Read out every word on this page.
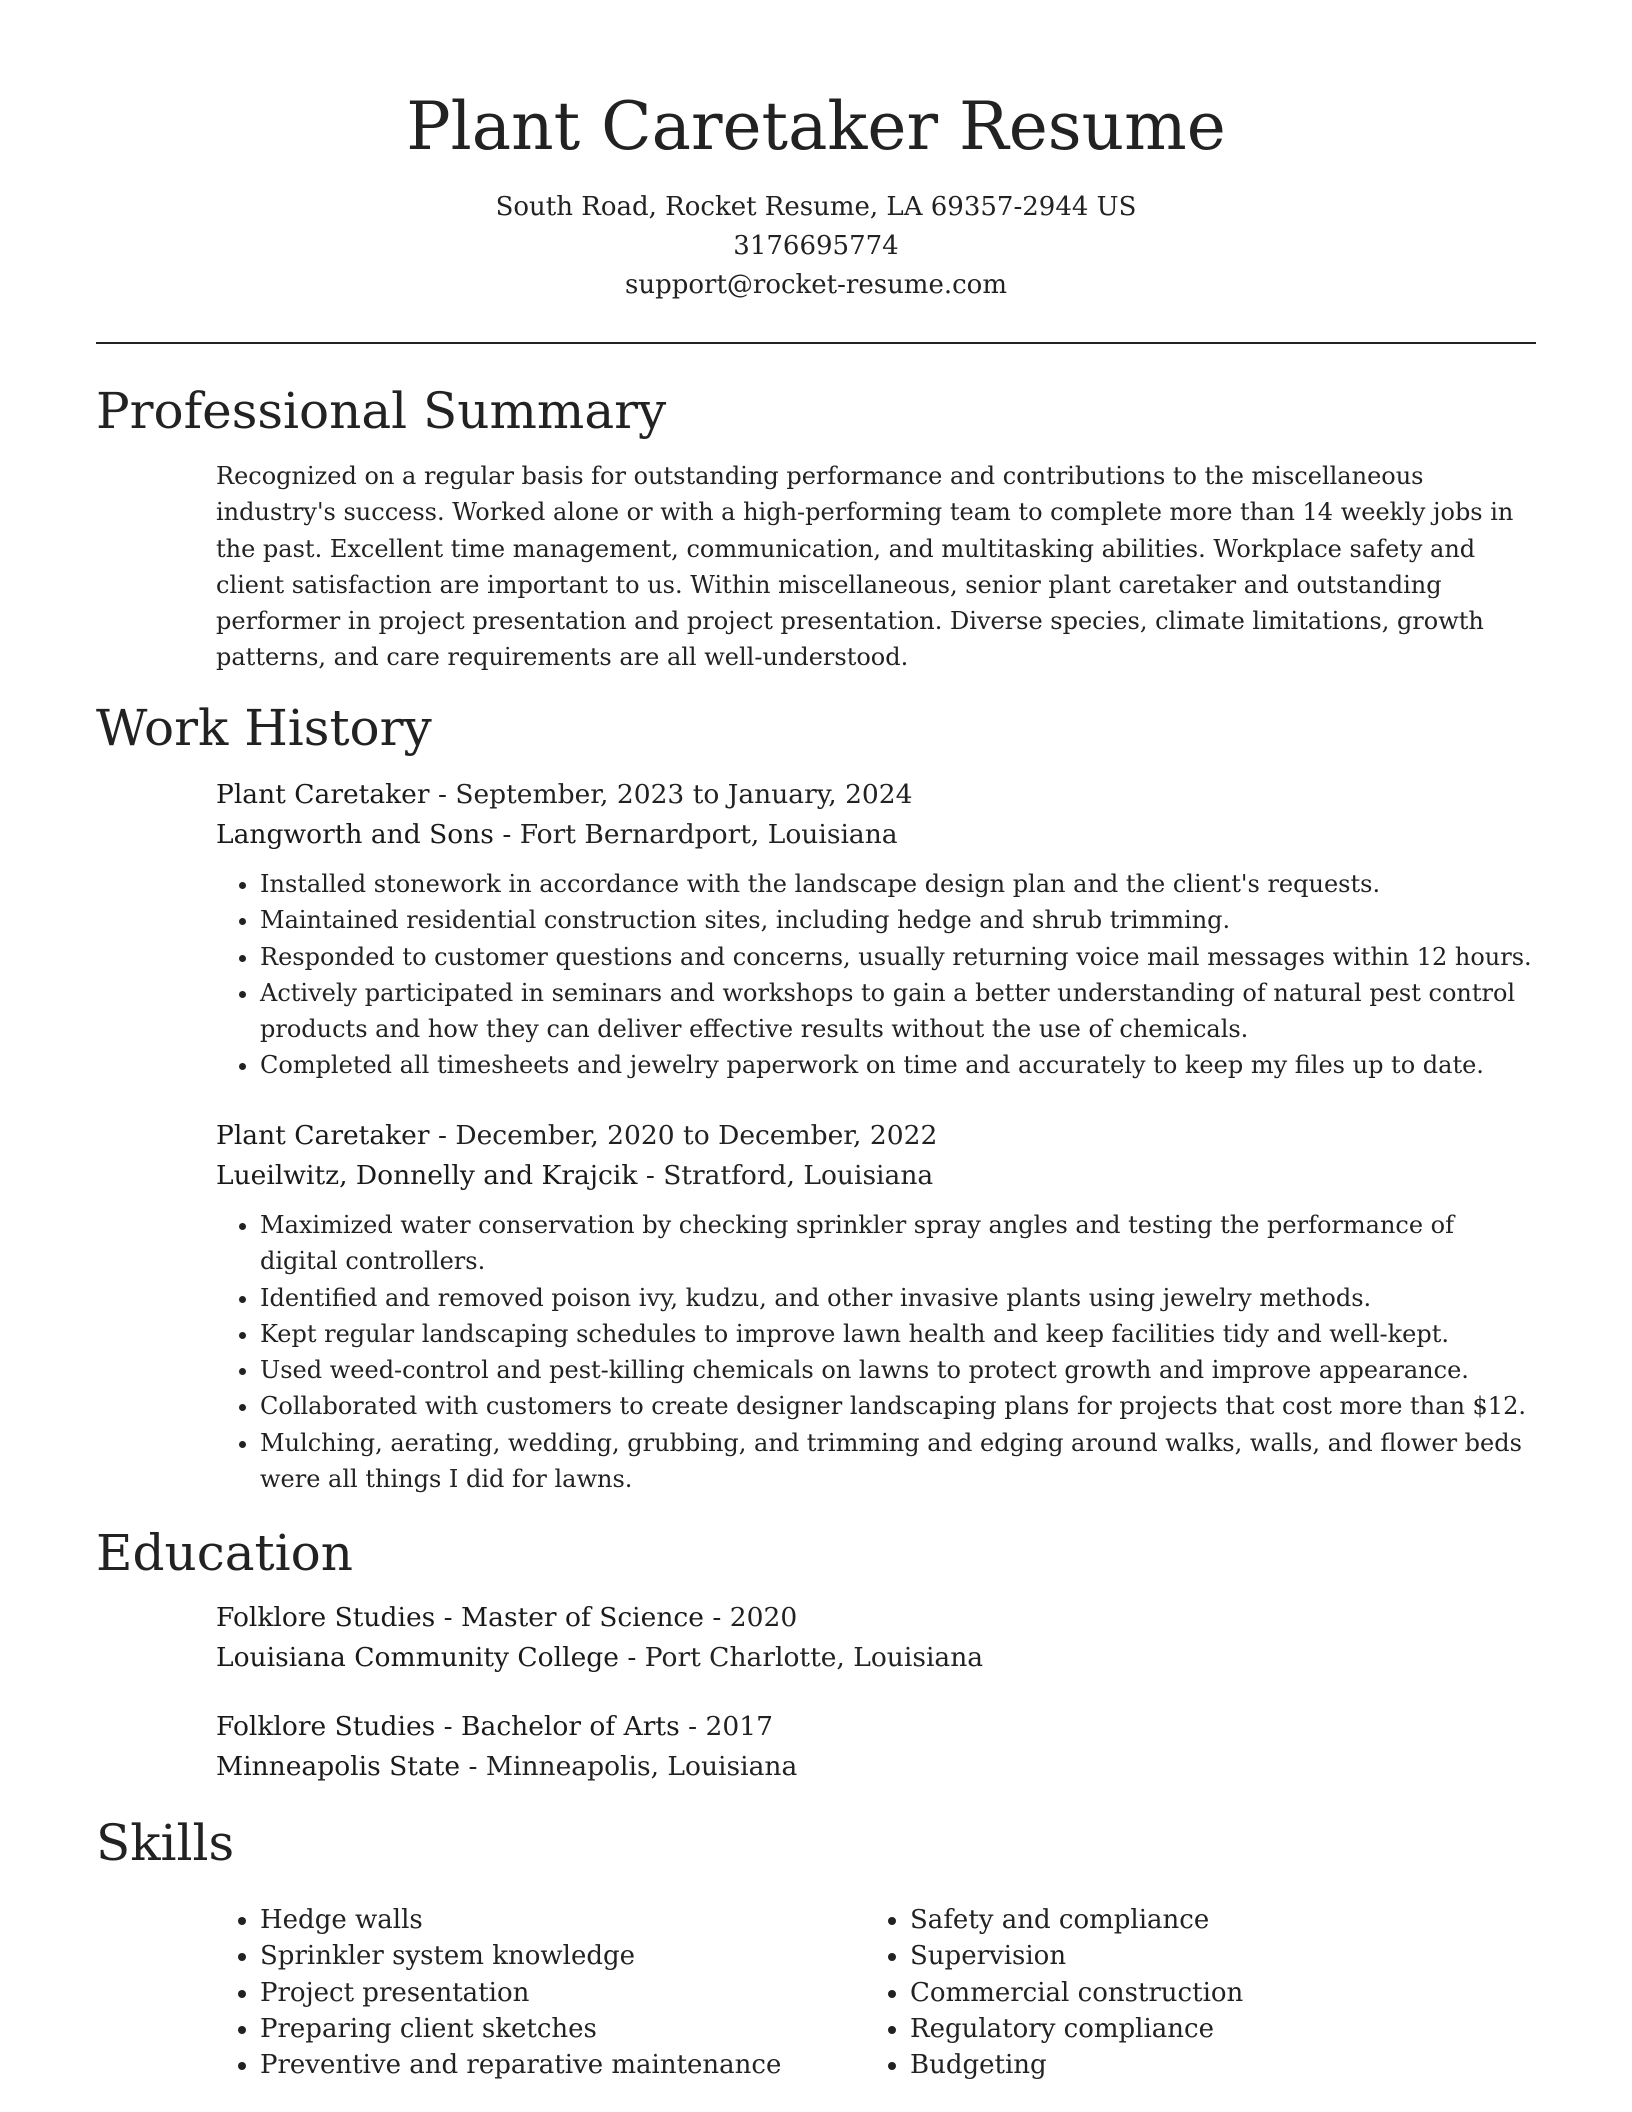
Plant Caretaker Resume
South Road, Rocket Resume, LA 69357-2944 US
3176695774
support@rocket-resume.com
Professional Summary

Recognized on a regular basis for outstanding performance and contributions to the miscellaneous industry's success. Worked alone or with a high-performing team to complete more than 14 weekly jobs in the past. Excellent time management, communication, and multitasking abilities. Workplace safety and client satisfaction are important to us. Within miscellaneous, senior plant caretaker and outstanding performer in project presentation and project presentation. Diverse species, climate limitations, growth patterns, and care requirements are all well-understood.

Work History
Plant Caretaker - September, 2023 to January, 2024
Langworth and Sons - Fort Bernardport, Louisiana
• Installed stonework in accordance with the landscape design plan and the client's requests.
• Maintained residential construction sites, including hedge and shrub trimming.
• Responded to customer questions and concerns, usually returning voice mail messages within 12 hours.
• Actively participated in seminars and workshops to gain a better understanding of natural pest control products and how they can deliver effective results without the use of chemicals.
• Completed all timesheets and jewelry paperwork on time and accurately to keep my files up to date.
Plant Caretaker - December, 2020 to December, 2022
Lueilwitz, Donnelly and Krajcik - Stratford, Louisiana
• Maximized water conservation by checking sprinkler spray angles and testing the performance of digital controllers.
• Identified and removed poison ivy, kudzu, and other invasive plants using jewelry methods.
• Kept regular landscaping schedules to improve lawn health and keep facilities tidy and well-kept.
• Used weed-control and pest-killing chemicals on lawns to protect growth and improve appearance.
• Collaborated with customers to create designer landscaping plans for projects that cost more than $12.
• Mulching, aerating, wedding, grubbing, and trimming and edging around walks, walls, and flower beds were all things I did for lawns.
Education
Folklore Studies - Master of Science - 2020
Louisiana Community College - Port Charlotte, Louisiana
Folklore Studies - Bachelor of Arts - 2017
Minneapolis State - Minneapolis, Louisiana
Skills
• Hedge walls
• Sprinkler system knowledge
• Project presentation
• Preparing client sketches
• Preventive and reparative maintenance
• Safety and compliance
• Supervision
• Commercial construction
• Regulatory compliance
• Budgeting
